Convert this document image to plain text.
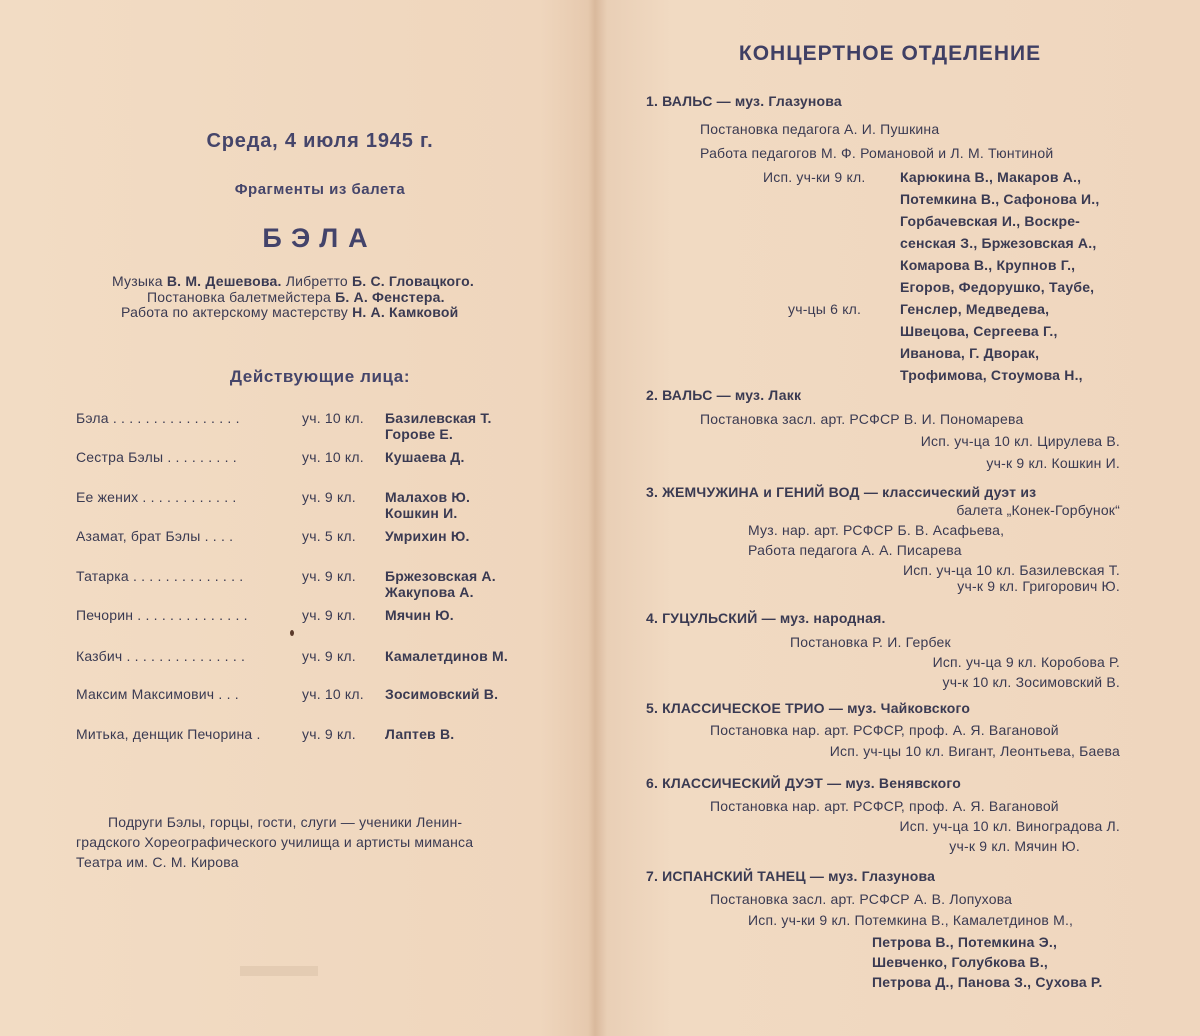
Среда, 4 июля 1945 г.
Фрагменты из балета
БЭЛА
Музыка В. М. Дешевова. Либретто Б. С. Гловацкого.
Постановка балетмейстера Б. А. Фенстера.
Работа по актерскому мастерству Н. А. Камковой
Действующие лица:
Бэла . . . . . . . . . . . . . . . .	уч. 10 кл. Базилевская Т.
Горове Е.
Сестра Бэлы . . . . . . . . .	уч. 10 кл. Кушаева Д.
Ее жених . . . . . . . . . . . .	уч. 9 кл. Малахов Ю.
Кошкин И.
Азамат, брат Бэлы . . . .	уч. 5 кл. Умрихин Ю.
Татарка . . . . . . . . . . . . . .	уч. 9 кл. Бржезовская А.
Жакупова А.
Печорин . . . . . . . . . . . . . .	уч. 9 кл. Мячин Ю.
Казбич . . . . . . . . . . . . . . .	уч. 9 кл. Камалетдинов М.
Максим Максимович . . .	уч. 10 кл. Зосимовский В.
Митька, денщик Печорина .	уч. 9 кл. Лаптев В.
Подруги Бэлы, горцы, гости, слуги — ученики Ленин-
градского Хореографического училища и артисты миманса
Театра им. С. М. Кирова
КОНЦЕРТНОЕ ОТДЕЛЕНИЕ
1. ВАЛЬС — муз. Глазунова
Постановка педагога А. И. Пушкина
Работа педагогов М. Ф. Романовой и Л. М. Тюнтиной
Исп. уч-ки 9 кл. Карюкина В., Макаров А.,
Потемкина В., Сафонова И.,
Горбачевская И., Воскре-
сенская З., Бржезовская А.,
Комарова В., Крупнов Г.,
Егоров, Федорушко, Таубе,
уч-цы 6 кл.	Генслер, Медведева,
Швецова, Сергеева Г.,
Иванова, Г. Дворак,
Трофимова, Стоумова Н.,
2. ВАЛЬС — муз. Лакк
Постановка засл. арт. РСФСР В. И. Пономарева
Исп. уч-ца 10 кл. Цирулева В.
уч-к 9 кл. Кошкин И.
3. ЖЕМЧУЖИНА и ГЕНИЙ ВОД — классический дуэт из
балета „Конек-Горбунок“
Муз. нар. арт. РСФСР Б. В. Асафьева,
Работа педагога А. А. Писарева
Исп. уч-ца 10 кл. Базилевская Т.
уч-к 9 кл. Григорович Ю.
4. ГУЦУЛЬСКИЙ — муз. народная.
Постановка Р. И. Гербек
Исп. уч-ца 9 кл. Коробова Р.
уч-к 10 кл. Зосимовский В.
5. КЛАССИЧЕСКОЕ ТРИО — муз. Чайковского
Постановка нар. арт. РСФСР, проф. А. Я. Вагановой
Исп. уч-цы 10 кл. Вигант, Леонтьева, Баева
6. КЛАССИЧЕСКИЙ ДУЭТ — муз. Венявского
Постановка нар. арт. РСФСР, проф. А. Я. Вагановой
Исп. уч-ца 10 кл. Виноградова Л.
уч-к 9 кл. Мячин Ю.
7. ИСПАНСКИЙ ТАНЕЦ — муз. Глазунова
Постановка засл. арт. РСФСР А. В. Лопухова
Исп. уч-ки 9 кл. Потемкина В., Камалетдинов М.,
Петрова В., Потемкина Э.,
Шевченко, Голубкова В.,
Петрова Д., Панова З., Сухова Р.
